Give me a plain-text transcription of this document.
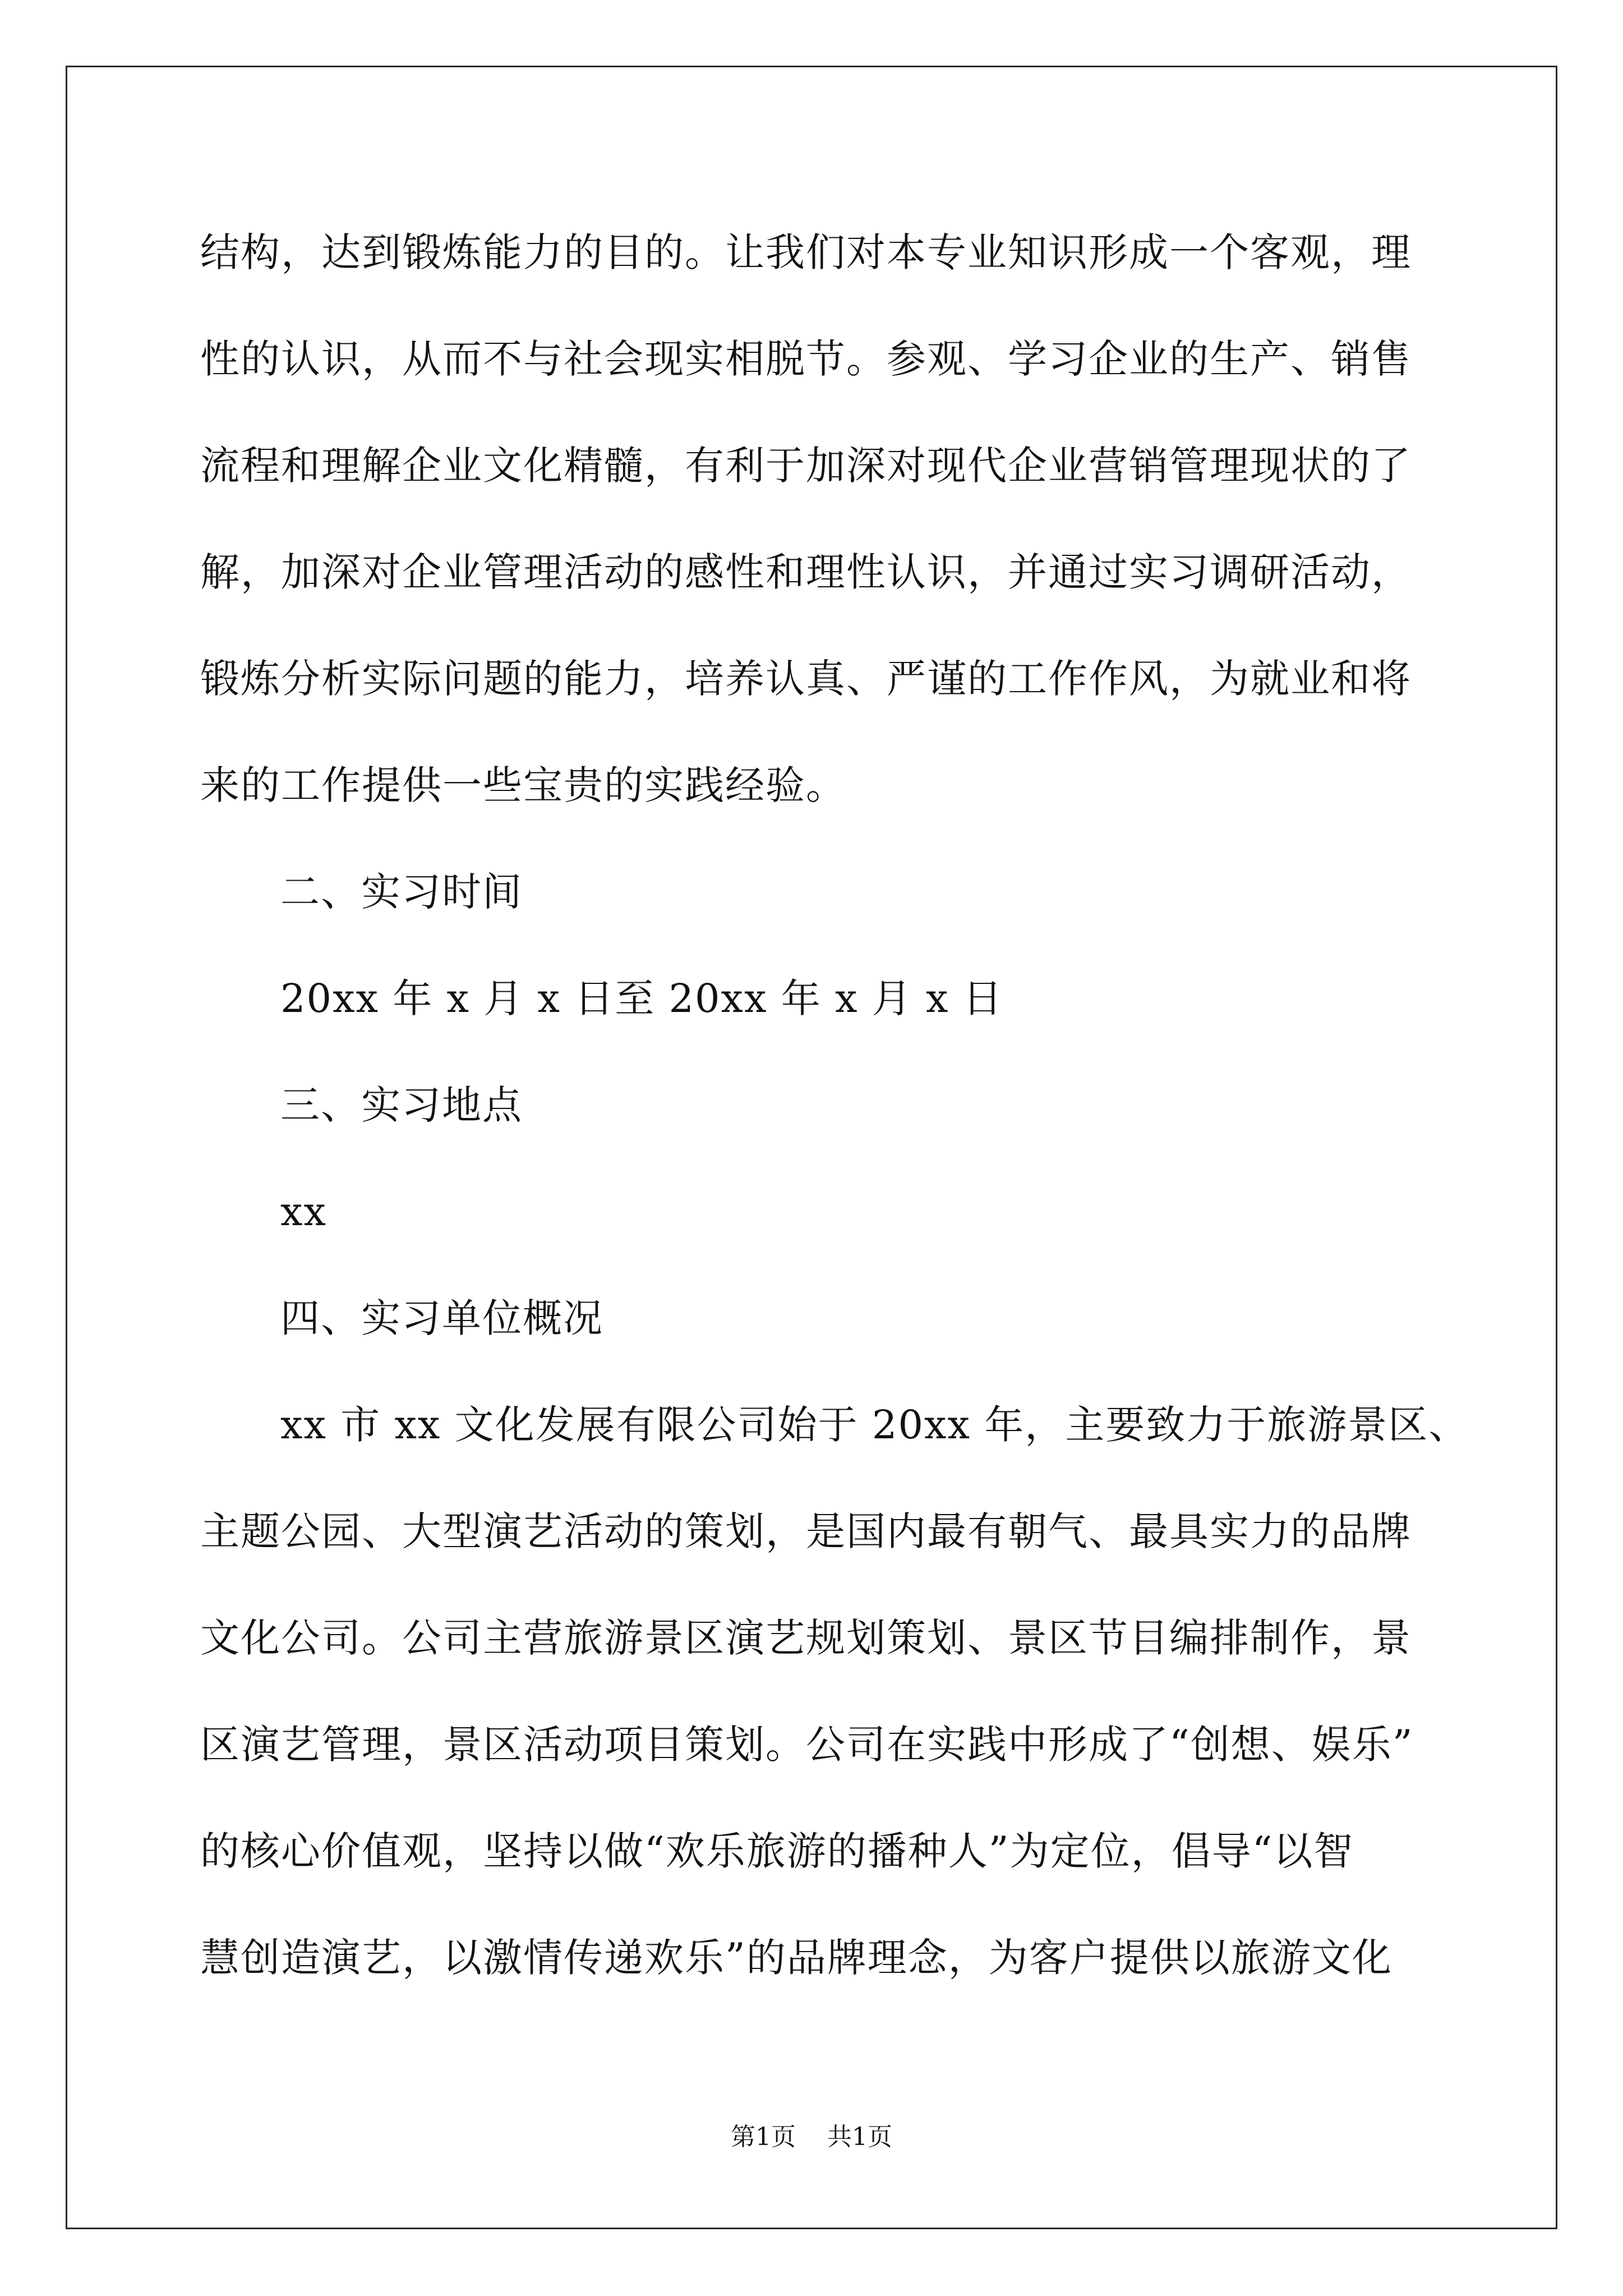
结构，达到锻炼能力的目的。让我们对本专业知识形成一个客观，理
性的认识，从而不与社会现实相脱节。参观、学习企业的生产、销售
流程和理解企业文化精髓，有利于加深对现代企业营销管理现状的了
解，加深对企业管理活动的感性和理性认识，并通过实习调研活动，
锻炼分析实际问题的能力，培养认真、严谨的工作作风，为就业和将
来的工作提供一些宝贵的实践经验。
二、实习时间
20xx 年 x 月 x 日至 20xx 年 x 月 x 日
三、实习地点
xx
四、实习单位概况
xx 市 xx 文化发展有限公司始于 20xx 年，主要致力于旅游景区、
主题公园、大型演艺活动的策划，是国内最有朝气、最具实力的品牌
文化公司。公司主营旅游景区演艺规划策划、景区节目编排制作，景
区演艺管理，景区活动项目策划。公司在实践中形成了“创想、娱乐”
的核心价值观，坚持以做“欢乐旅游的播种人”为定位，倡导“以智
慧创造演艺，以激情传递欢乐”的品牌理念，为客户提供以旅游文化
第1页 共1页
